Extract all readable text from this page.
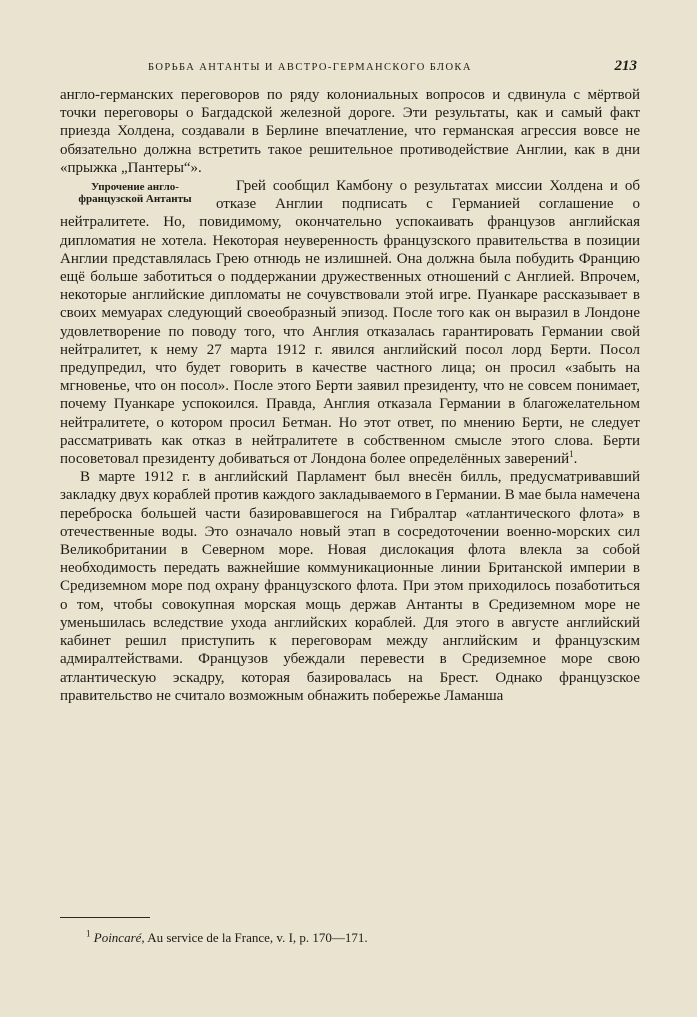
БОРЬБА АНТАНТЫ И АВСТРО-ГЕРМАНСКОГО БЛОКА	213

англо-германских переговоров по ряду колониальных вопросов и сдвинула с мёртвой точки переговоры о Багдадской железной дороге. Эти результаты, как и самый факт приезда Холдена, создавали в Берлине впечатление, что германская агрессия вовсе не обязательно должна встретить такое решительное противодействие Англии, как в дни «прыжка „Пантеры“».

Упрочение англо-французской Антанты
Грей сообщил Камбону о результатах миссии Холдена и об отказе Англии подписать с Германией соглашение о нейтралитете. Но, повидимому, окончательно успокаивать французов английская дипломатия не хотела. Некоторая неуверенность французского правительства в позиции Англии представлялась Грею отнюдь не излишней. Она должна была побудить Францию ещё больше заботиться о поддержании дружественных отношений с Англией. Впрочем, некоторые английские дипломаты не сочувствовали этой игре. Пуанкаре рассказывает в своих мемуарах следующий своеобразный эпизод. После того как он выразил в Лондоне удовлетворение по поводу того, что Англия отказалась гарантировать Германии свой нейтралитет, к нему 27 марта 1912 г. явился английский посол лорд Берти. Посол предупредил, что будет говорить в качестве частного лица; он просил «забыть на мгновенье, что он посол». После этого Берти заявил президенту, что не совсем понимает, почему Пуанкаре успокоился. Правда, Англия отказала Германии в благожелательном нейтралитете, о котором просил Бетман. Но этот ответ, по мнению Берти, не следует рассматривать как отказ в нейтралитете в собственном смысле этого слова. Берти посоветовал президенту добиваться от Лондона более определённых заверений$^1$.

В марте 1912 г. в английский Парламент был внесён билль, предусматривавший закладку двух кораблей против каждого закладываемого в Германии. В мае была намечена переброска большей части базировавшегося на Гибралтар «атлантического флота» в отечественные воды. Это означало новый этап в сосредоточении военно-морских сил Великобритании в Северном море. Новая дислокация флота влекла за собой необходимость передать важнейшие коммуникационные линии Британской империи в Средиземном море под охрану французского флота. При этом приходилось позаботиться о том, чтобы совокупная морская мощь держав Антанты в Средиземном море не уменьшилась вследствие ухода английских кораблей. Для этого в августе английский кабинет решил приступить к переговорам между английским и французским адмиралтействами. Французов убеждали перевести в Средиземное море свою атлантическую эскадру, которая базировалась на Брест. Однако французское правительство не считало возможным обнажить побережье Ламанша

$^1$ Poincaré, Au service de la France, v. I, p. 170—171.
